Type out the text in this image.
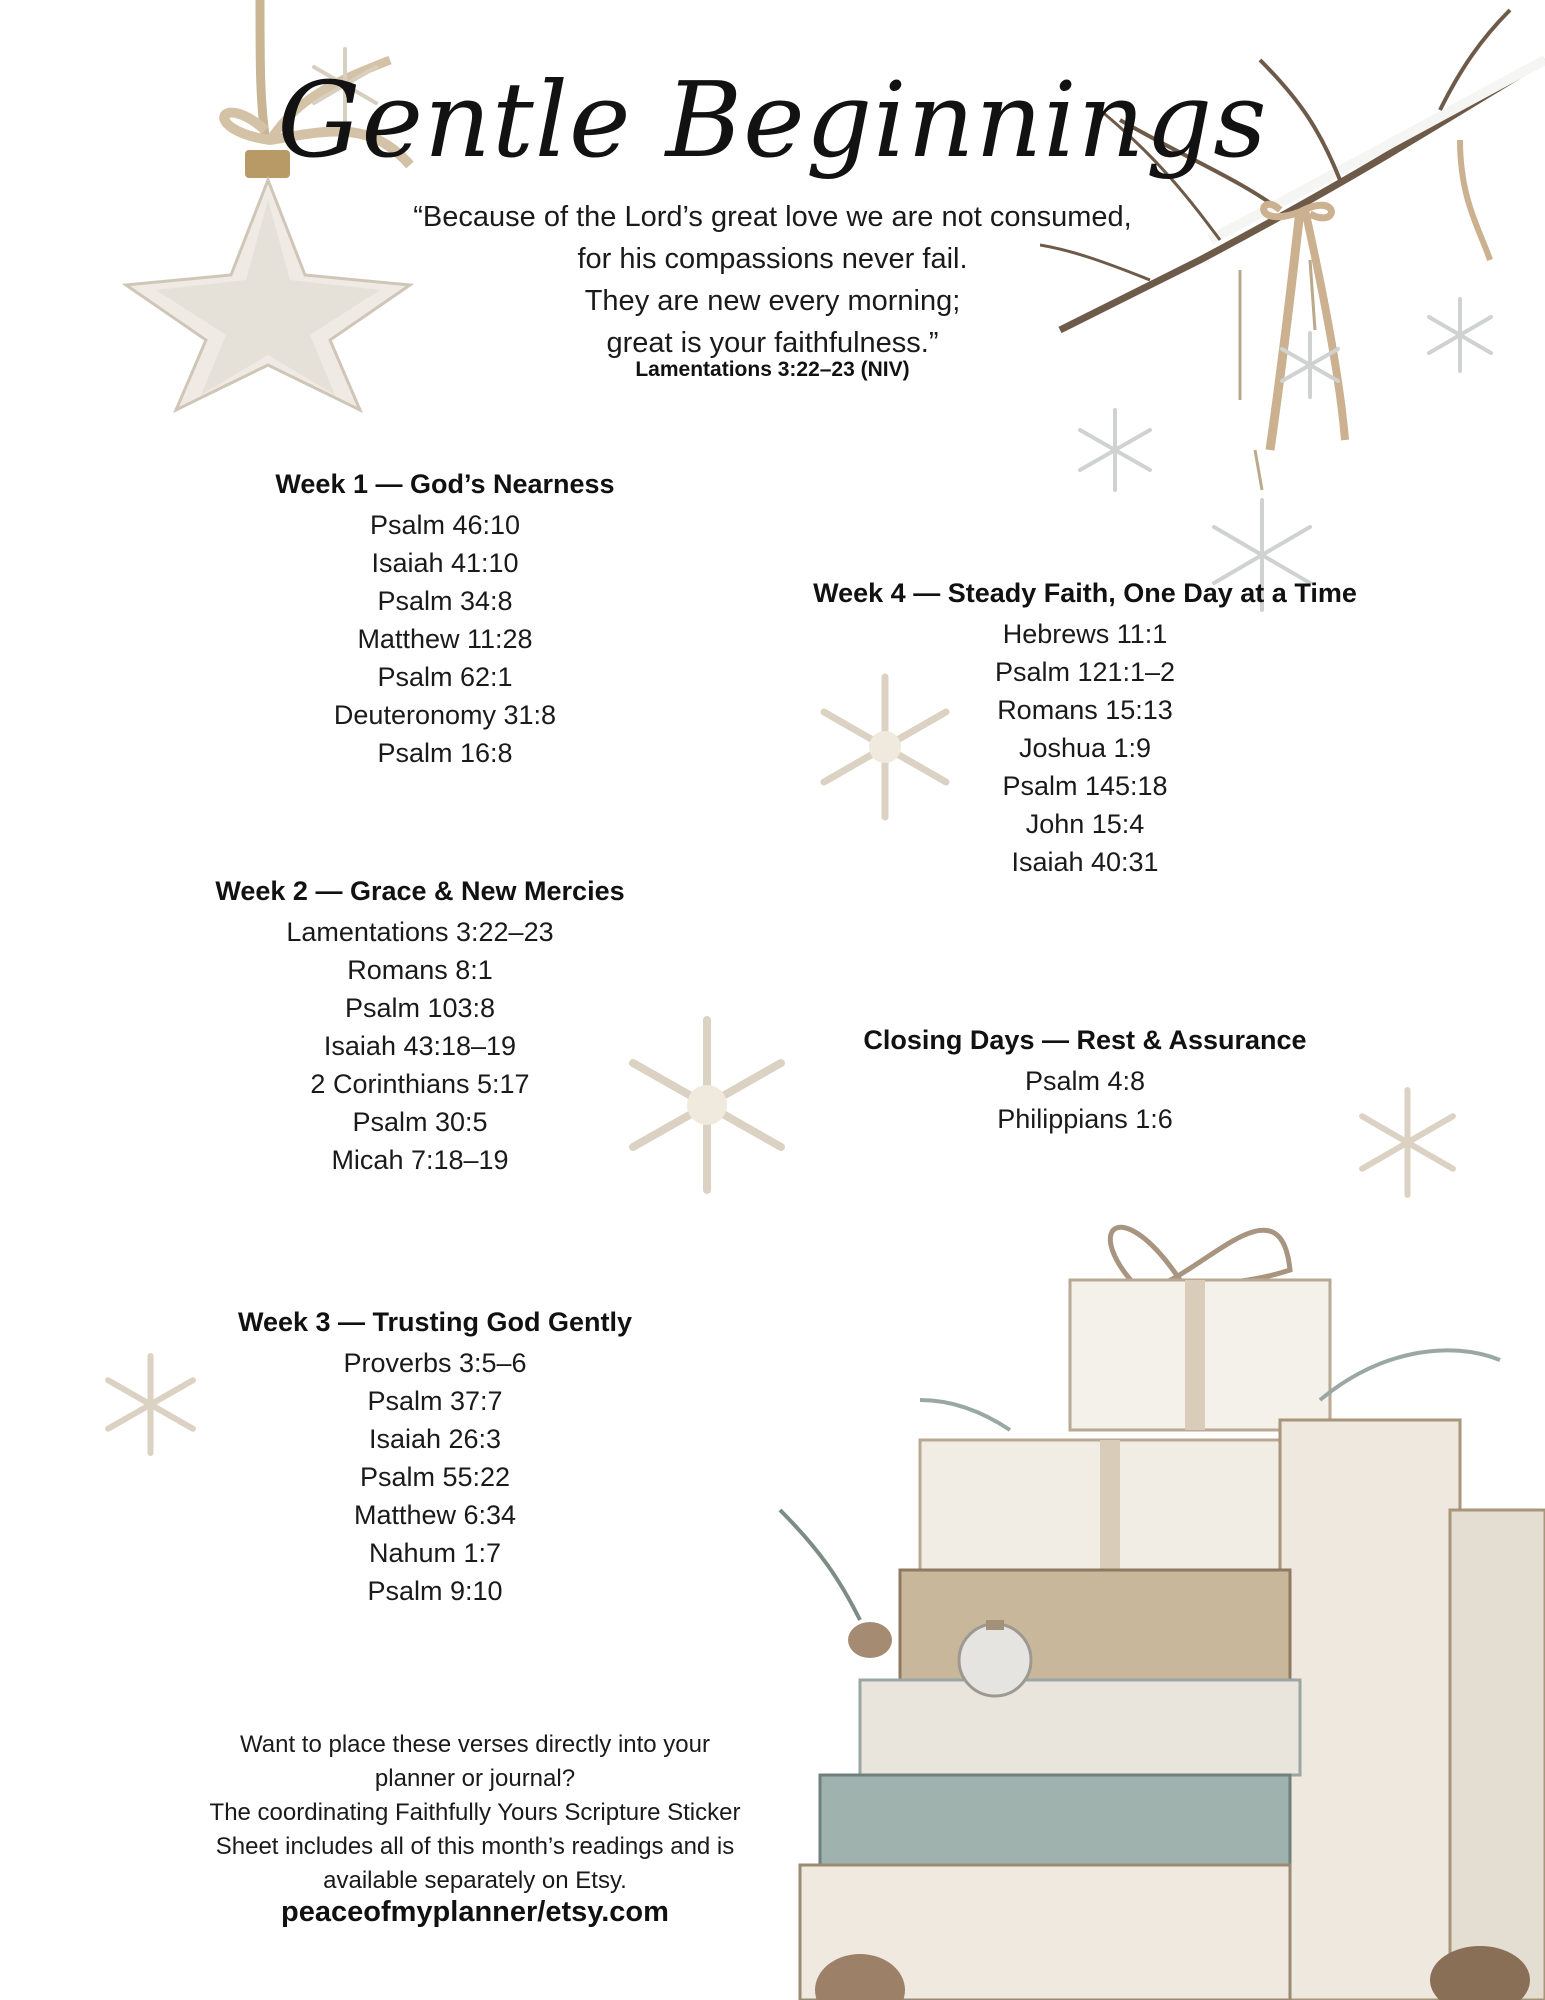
Gentle Beginnings
“Because of the Lord’s great love we are not consumed,
for his compassions never fail.
They are new every morning;
great is your faithfulness.”
Lamentations 3:22–23 (NIV)
Week 1 — God’s Nearness
Psalm 46:10
Isaiah 41:10
Psalm 34:8
Matthew 11:28
Psalm 62:1
Deuteronomy 31:8
Psalm 16:8
Week 2 — Grace & New Mercies
Lamentations 3:22–23
Romans 8:1
Psalm 103:8
Isaiah 43:18–19
2 Corinthians 5:17
Psalm 30:5
Micah 7:18–19
Week 3 — Trusting God Gently
Proverbs 3:5–6
Psalm 37:7
Isaiah 26:3
Psalm 55:22
Matthew 6:34
Nahum 1:7
Psalm 9:10
Week 4 — Steady Faith, One Day at a Time
Hebrews 11:1
Psalm 121:1–2
Romans 15:13
Joshua 1:9
Psalm 145:18
John 15:4
Isaiah 40:31
Closing Days — Rest & Assurance
Psalm 4:8
Philippians 1:6
Want to place these verses directly into your
planner or journal?
The coordinating Faithfully Yours Scripture Sticker
Sheet includes all of this month’s readings and is
available separately on Etsy.
peaceofmyplanner/etsy.com
